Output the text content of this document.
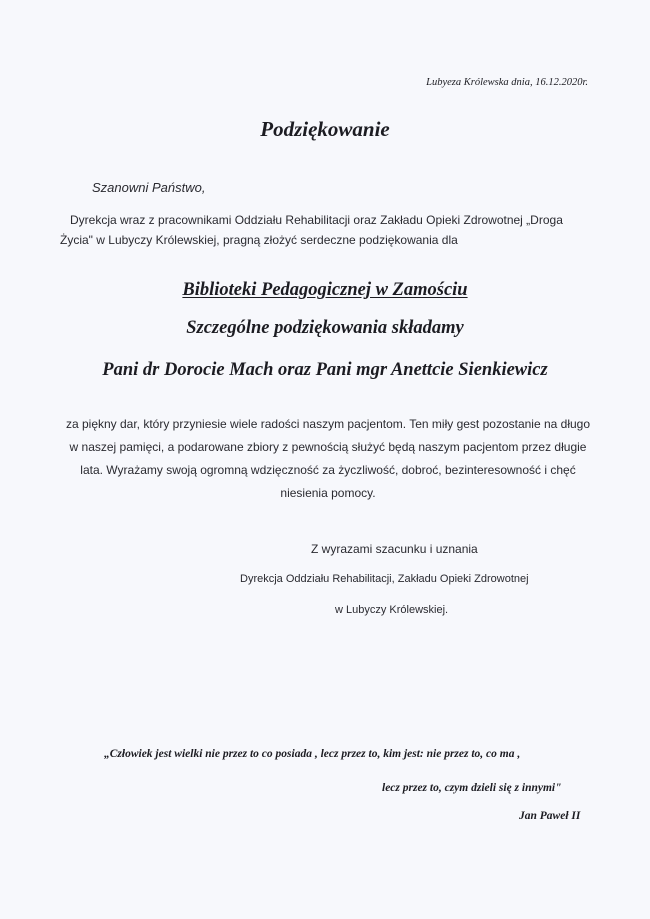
Lubyeza Królewska dnia, 16.12.2020r.
Podziękowanie
Szanowni Państwo,
Dyrekcja wraz z pracownikami Oddziału Rehabilitacji oraz Zakładu Opieki Zdrowotnej „Droga
Życia" w Lubyczy Królewskiej, pragną złożyć serdeczne podziękowania dla
Biblioteki Pedagogicznej w Zamościu
Szczególne podziękowania składamy
Pani dr Dorocie Mach oraz Pani mgr Anettcie Sienkiewicz
za piękny dar, który przyniesie wiele radości naszym pacjentom. Ten miły gest pozostanie na długo
w naszej pamięci, a podarowane zbiory z pewnością służyć będą naszym pacjentom przez długie
lata. Wyrażamy swoją ogromną wdzięczność za życzliwość, dobroć, bezinteresowność i chęć
niesienia pomocy.
Z wyrazami szacunku i uznania
Dyrekcja Oddziału Rehabilitacji, Zakładu Opieki Zdrowotnej
w Lubyczy Królewskiej.
„Człowiek jest wielki nie przez to co posiada , lecz przez to, kim jest: nie przez to, co ma ,
lecz przez to, czym dzieli się z innymi"
Jan Paweł II
